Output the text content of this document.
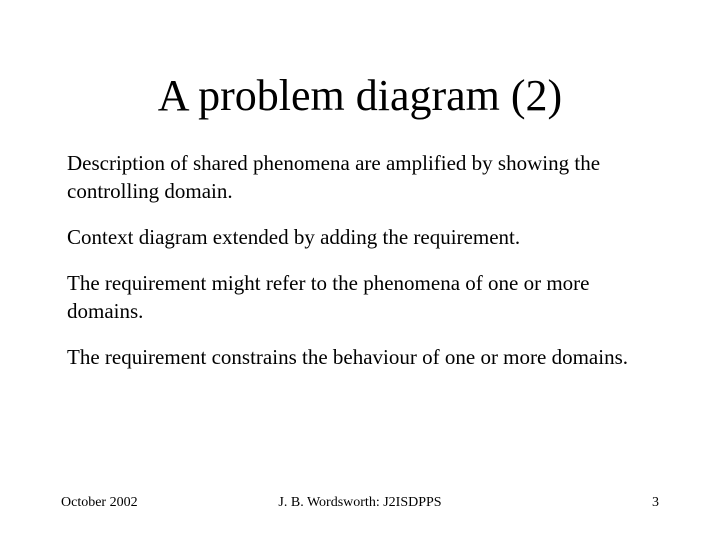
A problem diagram (2)
Description of shared phenomena are amplified by showing the controlling domain.
Context diagram extended by adding the requirement.
The requirement might refer to the phenomena of one or more domains.
The requirement constrains the behaviour of one or more domains.
J. B. Wordsworth: J2ISDPPS
October 2002	3
